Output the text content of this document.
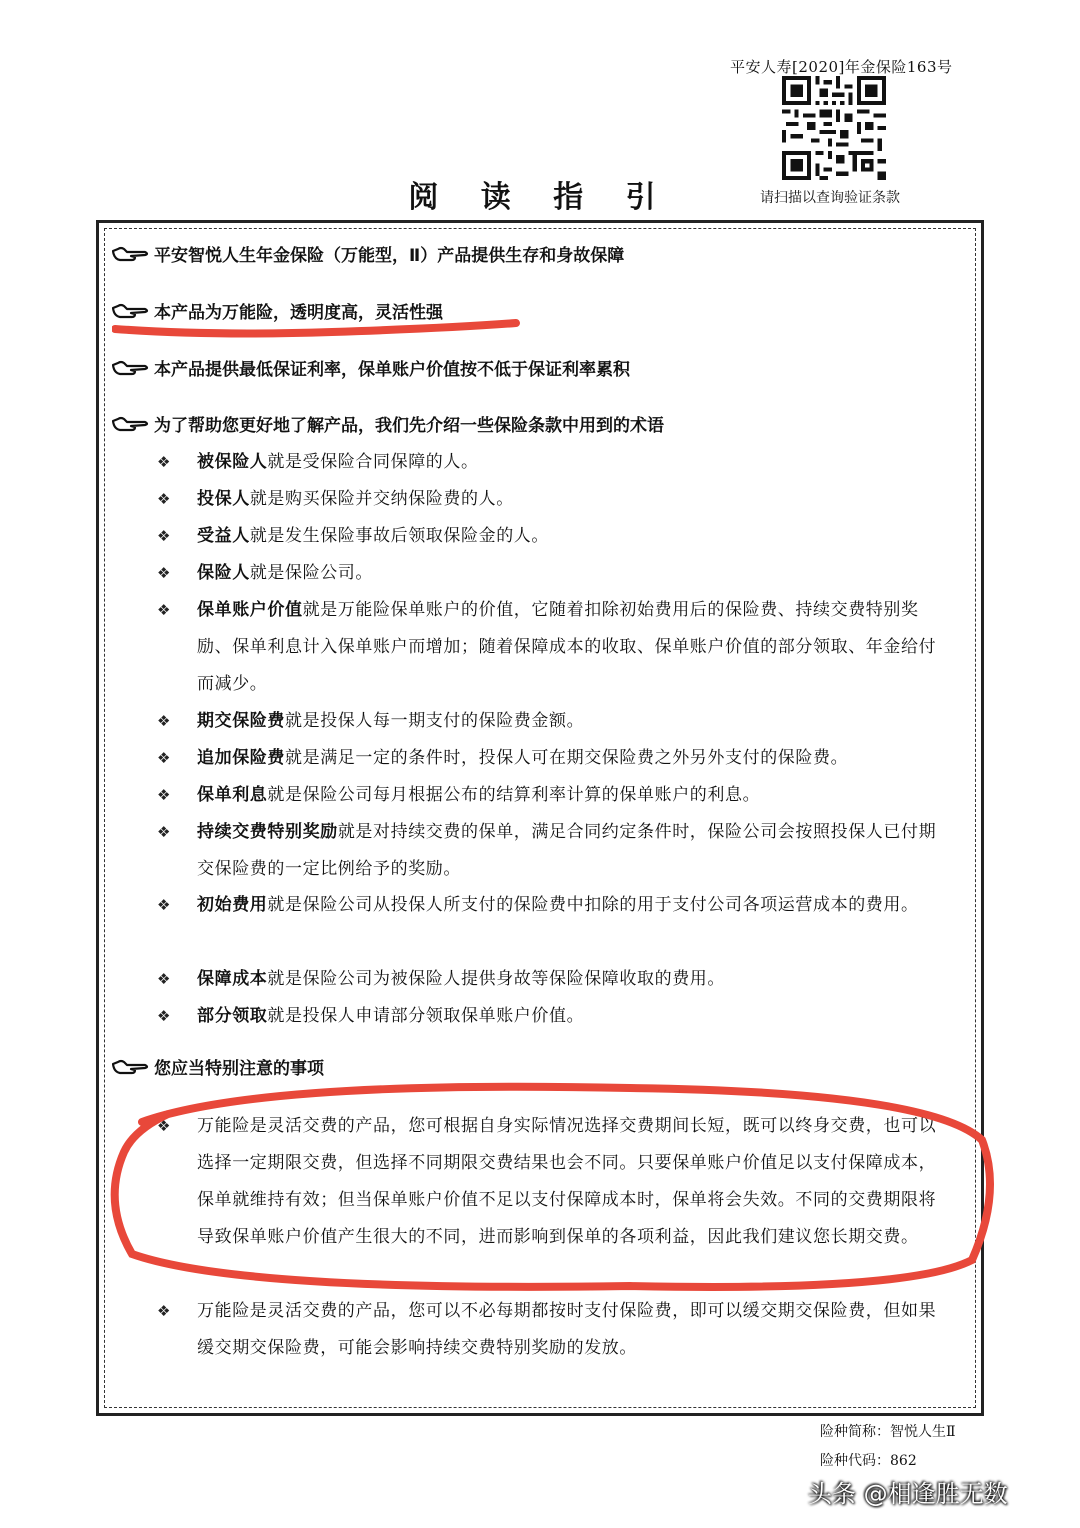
平安人寿[2020]年金保险163号
请扫描以查询验证条款
阅 读 指 引
平安智悦人生年金保险（万能型，Ⅱ）产品提供生存和身故保障
本产品为万能险，透明度高，灵活性强
本产品提供最低保证利率，保单账户价值按不低于保证利率累积
为了帮助您更好地了解产品，我们先介绍一些保险条款中用到的术语
❖	被保险人就是受保险合同保障的人。
❖	投保人就是购买保险并交纳保险费的人。
❖	受益人就是发生保险事故后领取保险金的人。
❖	保险人就是保险公司。
❖	保单账户价值就是万能险保单账户的价值，它随着扣除初始费用后的保险费、持续交费特别奖励、保单利息计入保单账户而增加；随着保障成本的收取、保单账户价值的部分领取、年金给付而减少。
❖	期交保险费就是投保人每一期支付的保险费金额。
❖	追加保险费就是满足一定的条件时，投保人可在期交保险费之外另外支付的保险费。
❖	保单利息就是保险公司每月根据公布的结算利率计算的保单账户的利息。
❖	持续交费特别奖励就是对持续交费的保单，满足合同约定条件时，保险公司会按照投保人已付期交保险费的一定比例给予的奖励。
❖	初始费用就是保险公司从投保人所支付的保险费中扣除的用于支付公司各项运营成本的费用。
❖	保障成本就是保险公司为被保险人提供身故等保险保障收取的费用。
❖	部分领取就是投保人申请部分领取保单账户价值。
您应当特别注意的事项
❖	万能险是灵活交费的产品，您可根据自身实际情况选择交费期间长短，既可以终身交费，也可以选择一定期限交费，但选择不同期限交费结果也会不同。只要保单账户价值足以支付保障成本，保单就维持有效；但当保单账户价值不足以支付保障成本时，保单将会失效。不同的交费期限将导致保单账户价值产生很大的不同，进而影响到保单的各项利益，因此我们建议您长期交费。
❖	万能险是灵活交费的产品，您可以不必每期都按时支付保险费，即可以缓交期交保险费，但如果缓交期交保险费，可能会影响持续交费特别奖励的发放。
险种简称：智悦人生Ⅱ
险种代码：862
头条 @相逢胜无数
